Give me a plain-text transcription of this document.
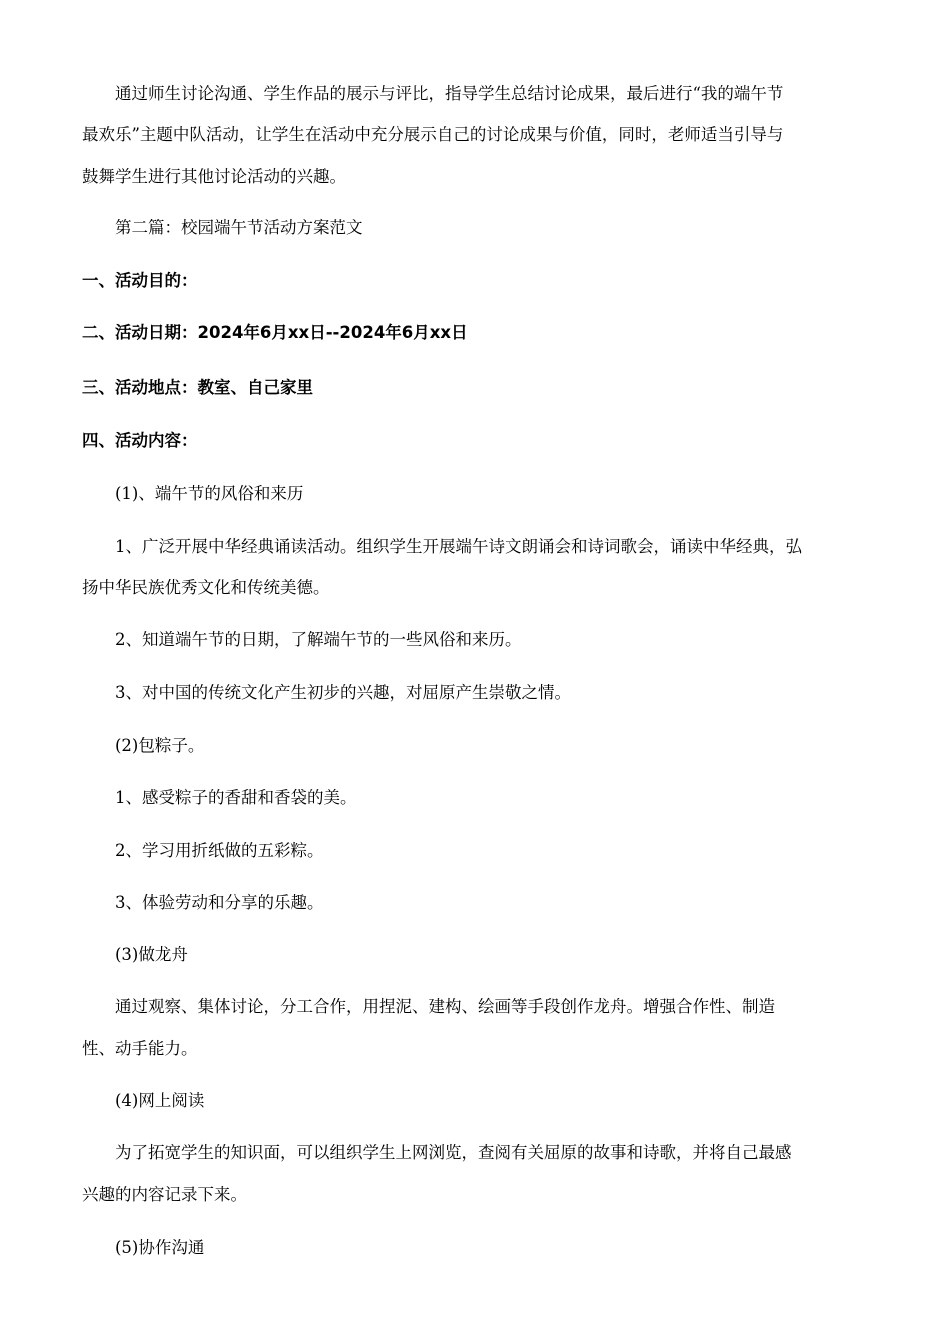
通过师生讨论沟通、学生作品的展示与评比，指导学生总结讨论成果，最后进行“我的端午节
最欢乐”主题中队活动，让学生在活动中充分展示自己的讨论成果与价值，同时，老师适当引导与
鼓舞学生进行其他讨论活动的兴趣。
第二篇：校园端午节活动方案范文
一、活动目的：
二、活动日期：2024年6月xx日--2024年6月xx日
三、活动地点：教室、自己家里
四、活动内容：
(1)、端午节的风俗和来历
1、广泛开展中华经典诵读活动。组织学生开展端午诗文朗诵会和诗词歌会，诵读中华经典，弘
扬中华民族优秀文化和传统美德。
2、知道端午节的日期，了解端午节的一些风俗和来历。
3、对中国的传统文化产生初步的兴趣，对屈原产生崇敬之情。
(2)包粽子。
1、感受粽子的香甜和香袋的美。
2、学习用折纸做的五彩粽。
3、体验劳动和分享的乐趣。
(3)做龙舟
通过观察、集体讨论，分工合作，用捏泥、建构、绘画等手段创作龙舟。增强合作性、制造
性、动手能力。
(4)网上阅读
为了拓宽学生的知识面，可以组织学生上网浏览，查阅有关屈原的故事和诗歌，并将自己最感
兴趣的内容记录下来。
(5)协作沟通
